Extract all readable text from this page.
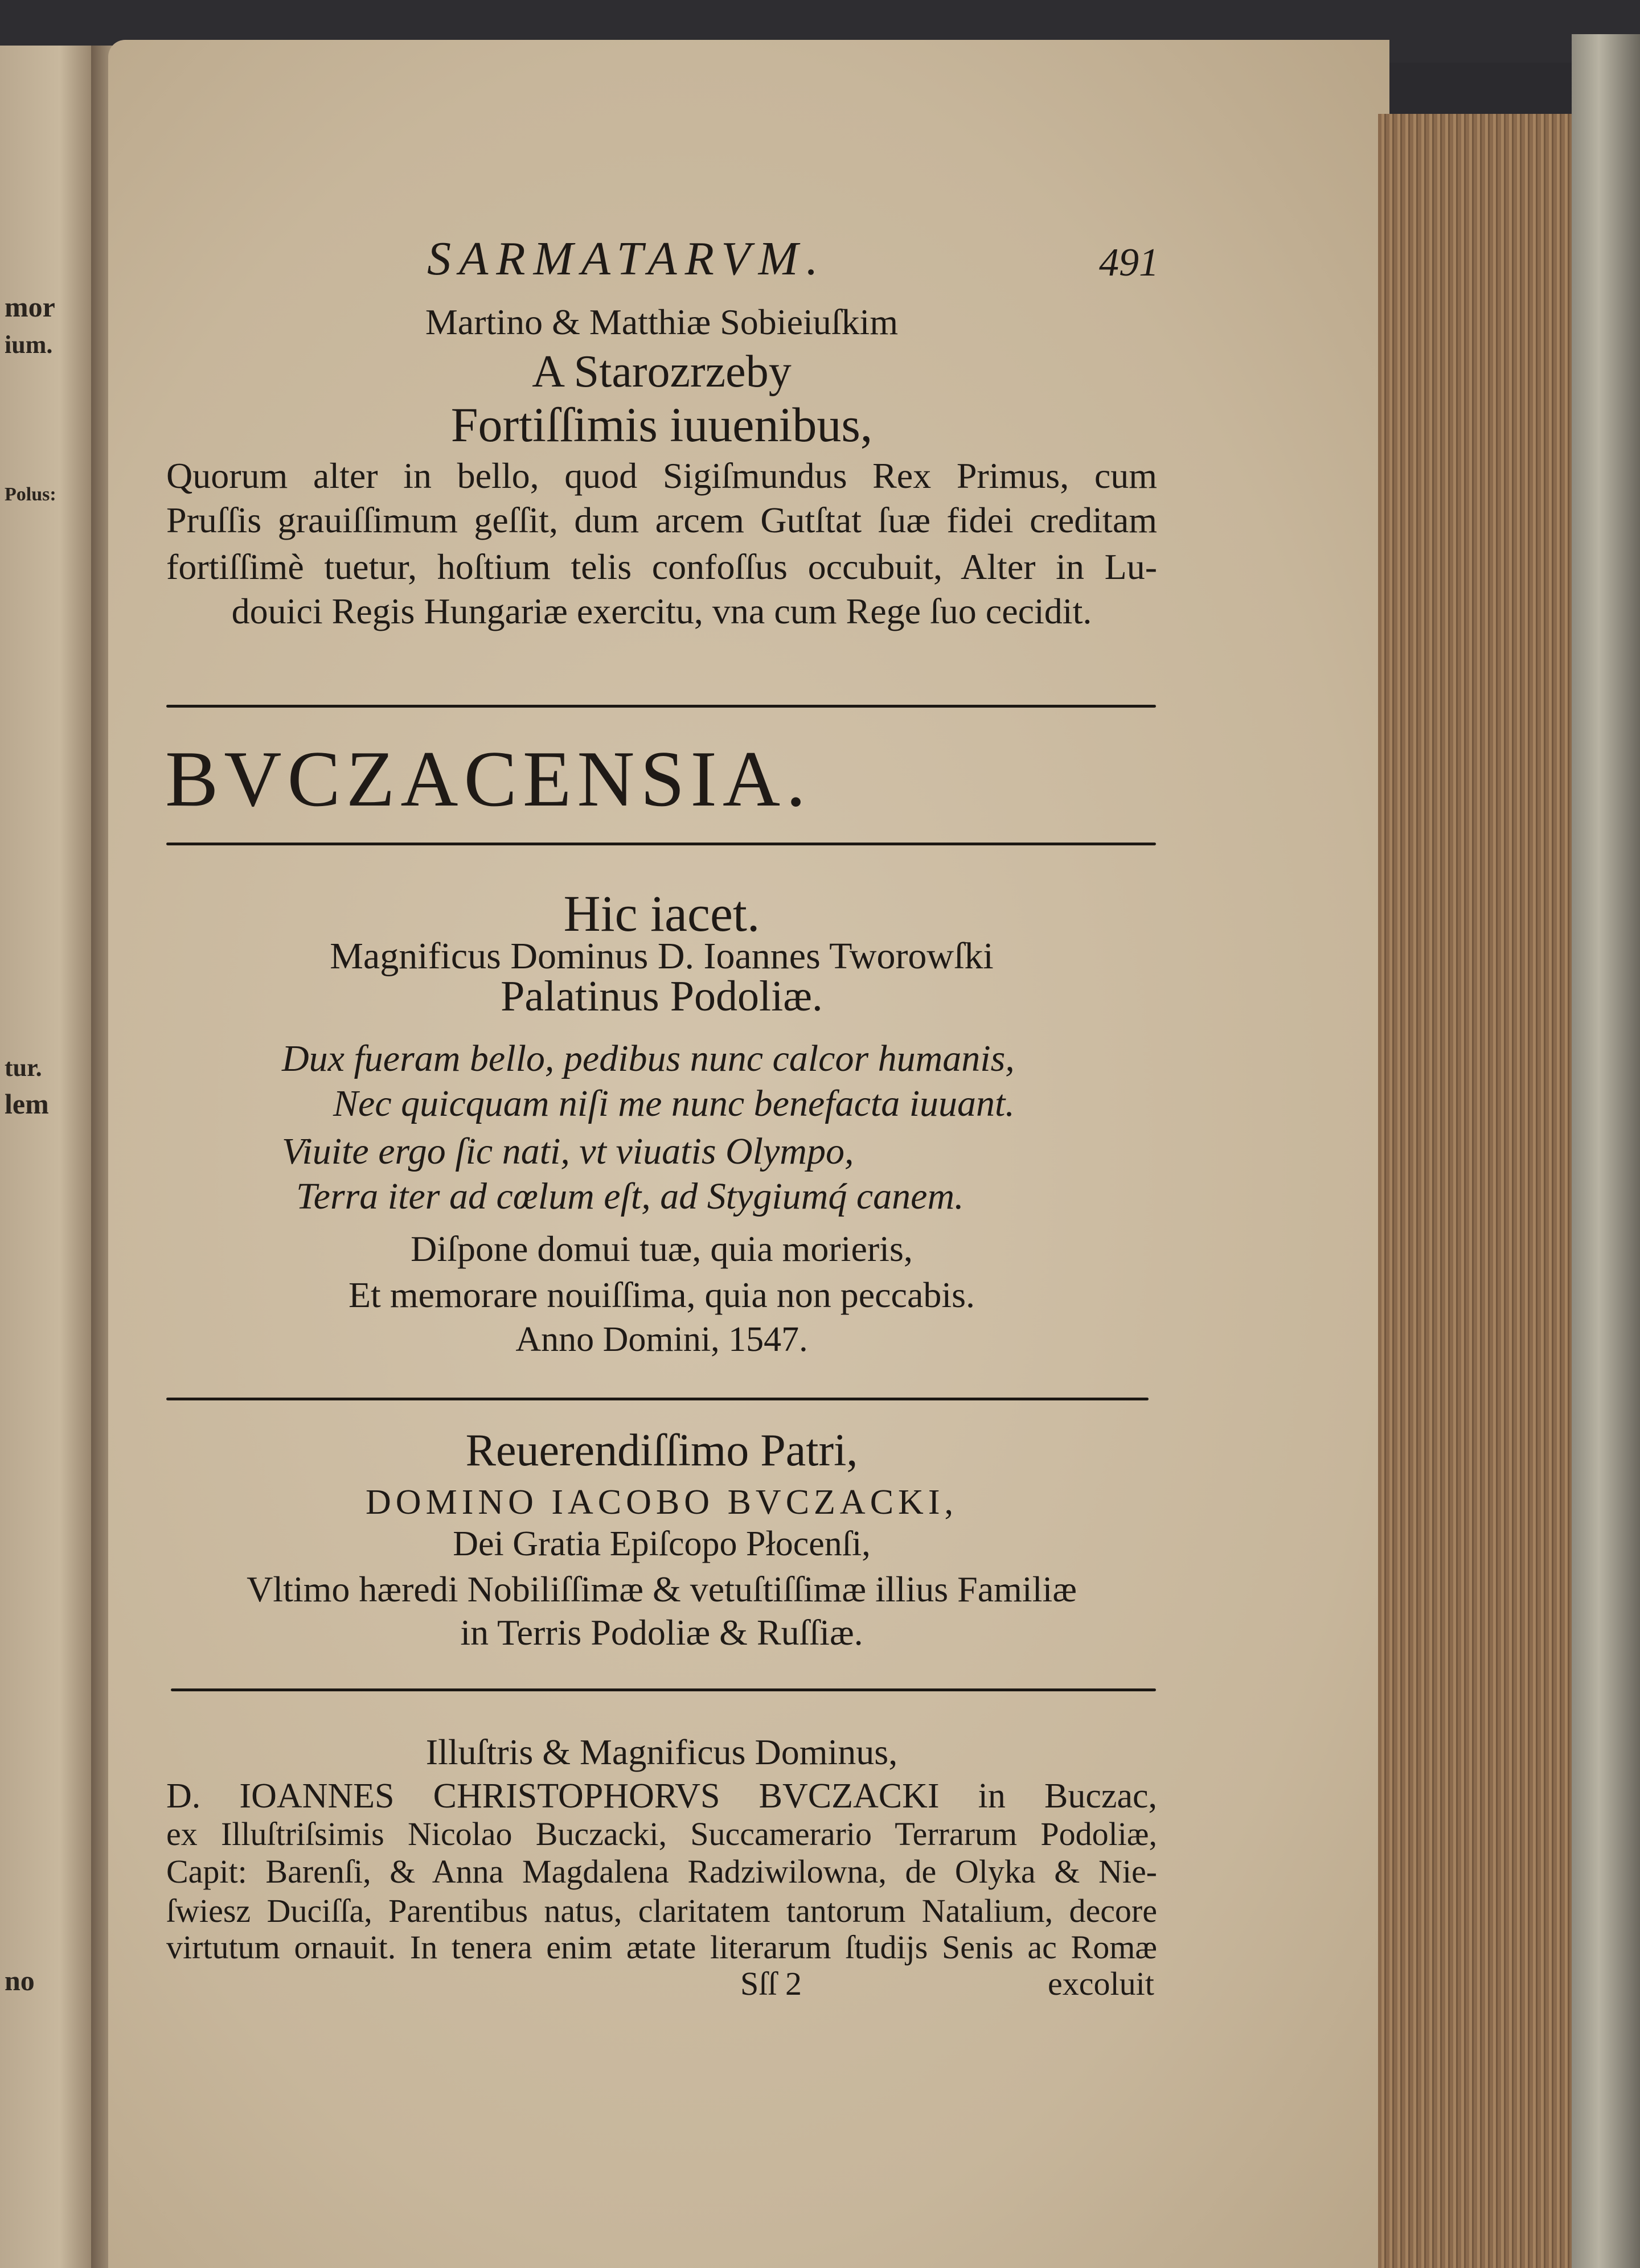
mor
ium.
Polus:
tur.
lem
no
SARMATARVM.	491
Martino & Matthiæ Sobieiuſkim
A Starozrzeby
Fortiſſimis iuuenibus,
Quorum alter in bello, quod Sigiſmundus Rex Primus, cum
Pruſſis grauiſſimum geſſit, dum arcem Gutſtat ſuæ fidei creditam
fortiſſimè tuetur, hoſtium telis confoſſus occubuit, Alter in Lu-
douici Regis Hungariæ exercitu, vna cum Rege ſuo cecidit.
BVCZACENSIA.
Hic iacet.
Magnificus Dominus D. Ioannes Tworowſki
Palatinus Podoliæ.
Dux fueram bello, pedibus nunc calcor humanis,
Nec quicquam niſi me nunc benefacta iuuant.
Viuite ergo ſic nati, vt viuatis Olympo,
Terra iter ad cœlum eſt, ad Stygiumq́ canem.
Diſpone domui tuæ, quia morieris,
Et memorare nouiſſima, quia non peccabis.
Anno Domini, 1547.
Reuerendiſſimo Patri,
DOMINO IACOBO BVCZACKI,
Dei Gratia Epiſcopo Płocenſi,
Vltimo hæredi Nobiliſſimæ & vetuſtiſſimæ illius Familiæ
in Terris Podoliæ & Ruſſiæ.
Illuſtris & Magnificus Dominus,
D. IOANNES CHRISTOPHORVS BVCZACKI in Buczac,
ex Illuſtriſsimis Nicolao Buczacki, Succamerario Terrarum Podoliæ,
Capit: Barenſi, & Anna Magdalena Radziwilowna, de Olyka & Nie-
ſwiesz Duciſſa, Parentibus natus, claritatem tantorum Natalium, decore
virtutum ornauit. In tenera enim ætate literarum ſtudijs Senis ac Romæ
Sſſ 2	excoluit
